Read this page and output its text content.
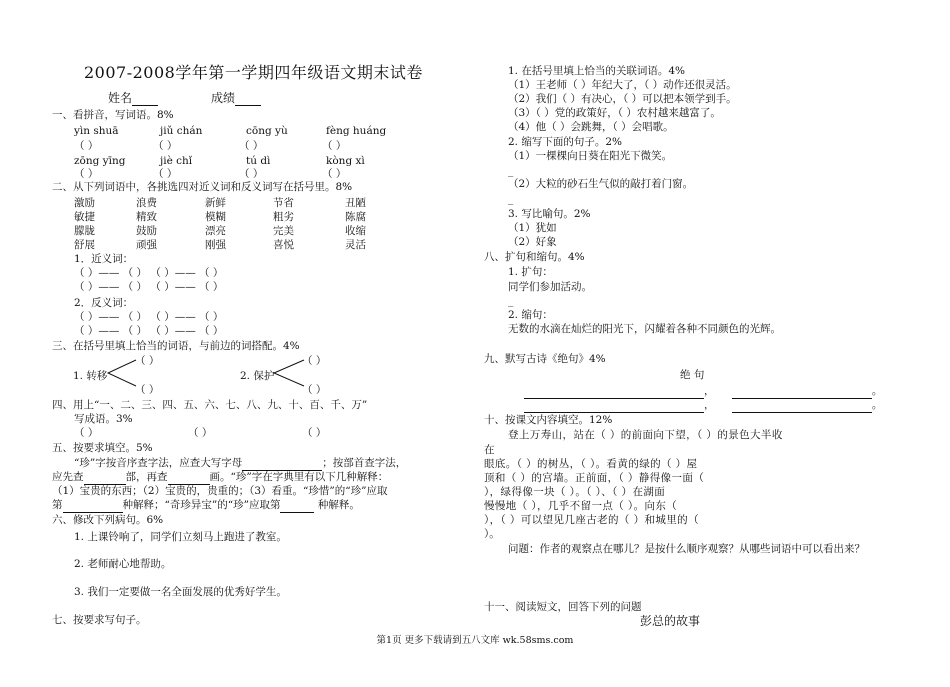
2007-2008学年第一学期四年级语文期末试卷
姓名	成绩
一、看拼音，写词语。8%
yìn shuā	jiǔ chán	cōng yù	fèng huáng
（ ）	（ ）	（ ）	（ ）
zōng yīng	jiè chǐ	tú dì	kòng xì
（ ）	（ ）	（ ）	（ ）
二、从下列词语中，各挑选四对近义词和反义词写在括号里。8%
激励	浪费	新鲜	节省	丑陋
敏捷	精致	模糊	粗劣	陈腐
朦胧	鼓励	漂亮	完美	收缩
舒展	顽强	刚强	喜悦	灵活
1．近义词：
（ ）—— （ ） （ ）—— （ ）
（ ）—— （ ） （ ）—— （ ）
2．反义词：
（ ）—— （ ） （ ）—— （ ）
（ ）—— （ ） （ ）—— （ ）
三、在括号里填上恰当的词语，与前边的词搭配。4%
（ ）
1. 转移
（ ）
（ ）
2. 保护
（ ）
四、用上“一、二、三、四、五、六、七、八、九、十、百、千、万”
写成语。3%
（ ）	（ ）	（ ）
五、按要求填空。5%
“珍”字按音序查字法，应查大写字母	；按部首查字法，
应先查	部，再查	画。“珍”字在字典里有以下几种解释：
（1）宝贵的东西；（2）宝贵的，贵重的；（3）看重。“珍惜”的“珍”应取
第	种解释；“奇珍异宝”的“珍”应取第	种解释。
六、修改下列病句。6%
1. 上课铃响了，同学们立刻马上跑进了教室。
2. 老师耐心地帮助。
3. 我们一定要做一名全面发展的优秀好学生。
七、按要求写句子。
1. 在括号里填上恰当的关联词语。4%
（1）王老师（ ）年纪大了，（ ）动作还很灵活。
（2）我们（ ）有决心，（ ）可以把本领学到手。
（3）（ ）党的政策好，（ ）农村越来越富了。
（4）他（ ）会跳舞，（ ）会唱歌。
2. 缩写下面的句子。2%
（1）一棵棵向日葵在阳光下微笑。
_
（2）大粒的砂石生气似的敲打着门窗。
_
3. 写比喻句。2%
（1）犹如
（2）好象
八、扩句和缩句。4%
1. 扩句：
同学们参加活动。
_
2. 缩句：
无数的水滴在灿烂的阳光下，闪耀着各种不同颜色的光辉。
九、默写古诗《绝句》4%
绝 句
，	。
，	。
十、按课文内容填空。12%
登上万寿山，站在（ ）的前面向下望，（ ）的景色大半收
在
眼底。（ ）的树丛，（ ）。看黄的绿的（ ）屋
顶和（ ）的宫墙。正前面，（ ）静得像一面（
），绿得像一块（ ）。（ ）、（ ）在湖面
慢慢地（ ），几乎不留一点（ ）。向东（
），（ ）可以望见几座古老的（ ）和城里的（
）。
问题：作者的观察点在哪儿？是按什么顺序观察？从哪些词语中可以看出来？
十一、阅读短文，回答下列的问题
彭总的故事
第1页 更多下载请到五八文库 wk.58sms.com
